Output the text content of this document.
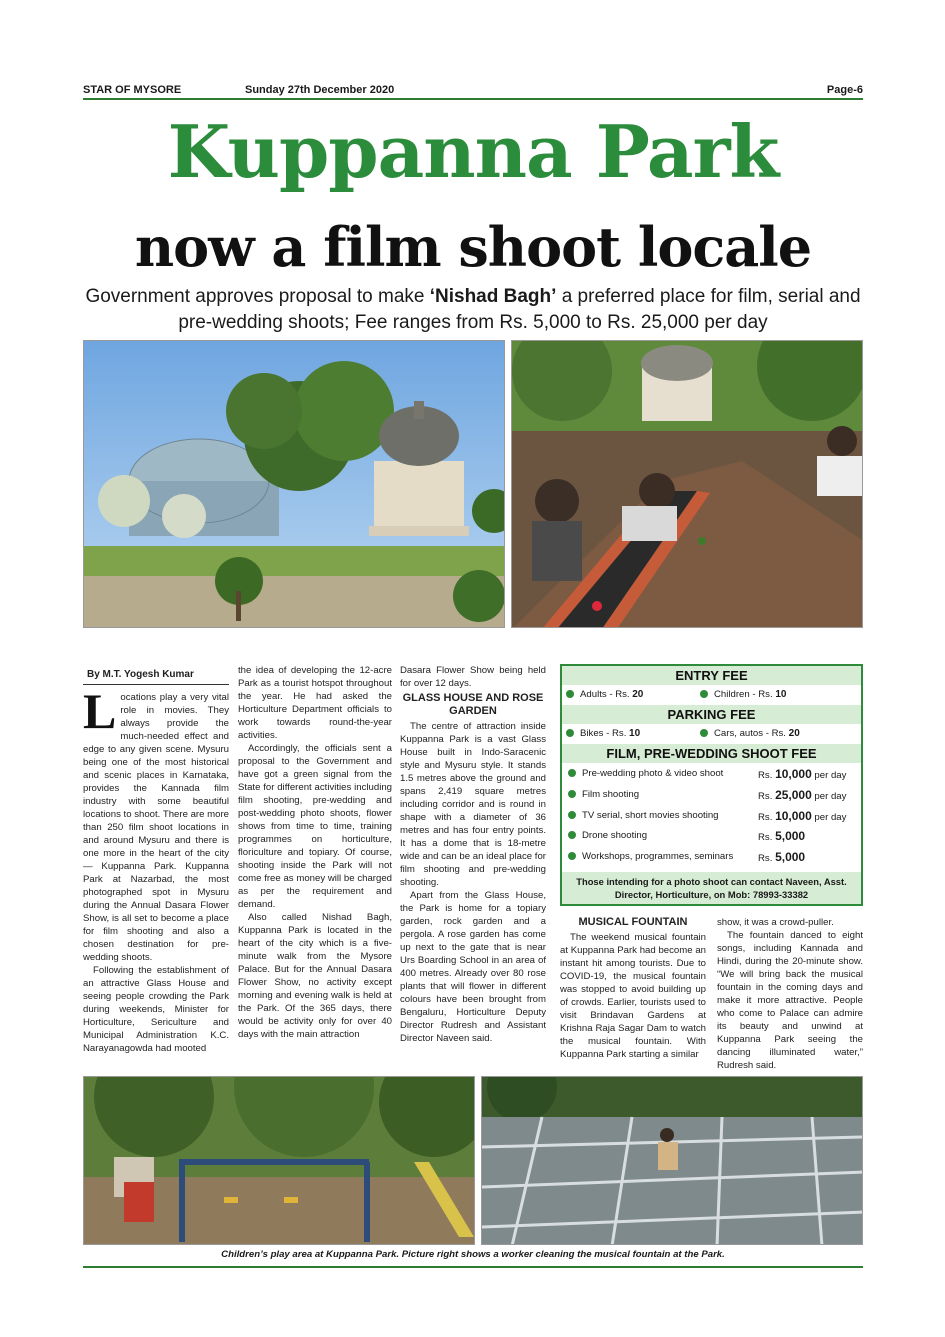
STAR OF MYSORE	Sunday 27th December 2020	Page-6
Kuppanna Park
now a film shoot locale
Government approves proposal to make ‘Nishad Bagh’ a preferred place for film, serial and pre-wedding shoots; Fee ranges from Rs. 5,000 to Rs. 25,000 per day
By M.T. Yogesh Kumar

Locations play a very vital role in movies. They always provide the much-needed effect and edge to any given scene. Mysuru being one of the most historical and scenic places in Karnataka, provides the Kannada film industry with some beautiful locations to shoot. There are more than 250 film shoot locations in and around Mysuru and there is one more in the heart of the city — Kuppanna Park. Kuppanna Park at Nazarbad, the most photographed spot in Mysuru during the Annual Dasara Flower Show, is all set to become a place for film shooting and also a chosen destination for pre-wedding shoots.

Following the establishment of an attractive Glass House and seeing people crowding the Park during weekends, Minister for Horticulture, Sericulture and Municipal Administration K.C. Narayanagowda had mooted

the idea of developing the 12-acre Park as a tourist hotspot throughout the year. He had asked the Horticulture Department officials to work towards round-the-year activities.

Accordingly, the officials sent a proposal to the Government and have got a green signal from the State for different activities including film shooting, pre-wedding and post-wedding photo shoots, flower shows from time to time, training programmes on horticulture, floriculture and topiary. Of course, shooting inside the Park will not come free as money will be charged as per the requirement and demand.

Also called Nishad Bagh, Kuppanna Park is located in the heart of the city which is a five-minute walk from the Mysore Palace. But for the Annual Dasara Flower Show, no activity except morning and evening walk is held at the Park. Of the 365 days, there would be activity only for over 40 days with the main attraction

Dasara Flower Show being held for over 12 days.

GLASS HOUSE AND ROSE GARDEN

The centre of attraction inside Kuppanna Park is a vast Glass House built in Indo-Saracenic style and Mysuru style. It stands 1.5 metres above the ground and spans 2,419 square metres including corridor and is round in shape with a diameter of 36 metres and has four entry points. It has a dome that is 18-metre wide and can be an ideal place for film shooting and pre-wedding shooting.

Apart from the Glass House, the Park is home for a topiary garden, rock garden and a pergola. A rose garden has come up next to the gate that is near Urs Boarding School in an area of 400 metres. Already over 80 rose plants that will flower in different colours have been brought from Bengaluru, Horticulture Deputy Director Rudresh and Assistant Director Naveen said.

ENTRY FEE
Adults - Rs. 20	Children - Rs. 10
PARKING FEE
Bikes - Rs. 10	Cars, autos - Rs. 20
FILM, PRE-WEDDING SHOOT FEE
Pre-wedding photo & video shoot	Rs. 10,000 per day
Film shooting	Rs. 25,000 per day
TV serial, short movies shooting	Rs. 10,000 per day
Drone shooting	Rs. 5,000
Workshops, programmes, seminars	Rs. 5,000
Those intending for a photo shoot can contact Naveen, Asst. Director, Horticulture, on Mob: 78993-33382
MUSICAL FOUNTAIN

The weekend musical fountain at Kuppanna Park had become an instant hit among tourists. Due to COVID-19, the musical fountain was stopped to avoid building up of crowds. Earlier, tourists used to visit Brindavan Gardens at Krishna Raja Sagar Dam to watch the musical fountain. With Kuppanna Park starting a similar

show, it was a crowd-puller.

The fountain danced to eight songs, including Kannada and Hindi, during the 20-minute show. “We will bring back the musical fountain in the coming days and make it more attractive. People who come to Palace can admire its beauty and unwind at Kuppanna Park seeing the dancing illuminated water,” Rudresh said.

Children’s play area at Kuppanna Park. Picture right shows a worker cleaning the musical fountain at the Park.
